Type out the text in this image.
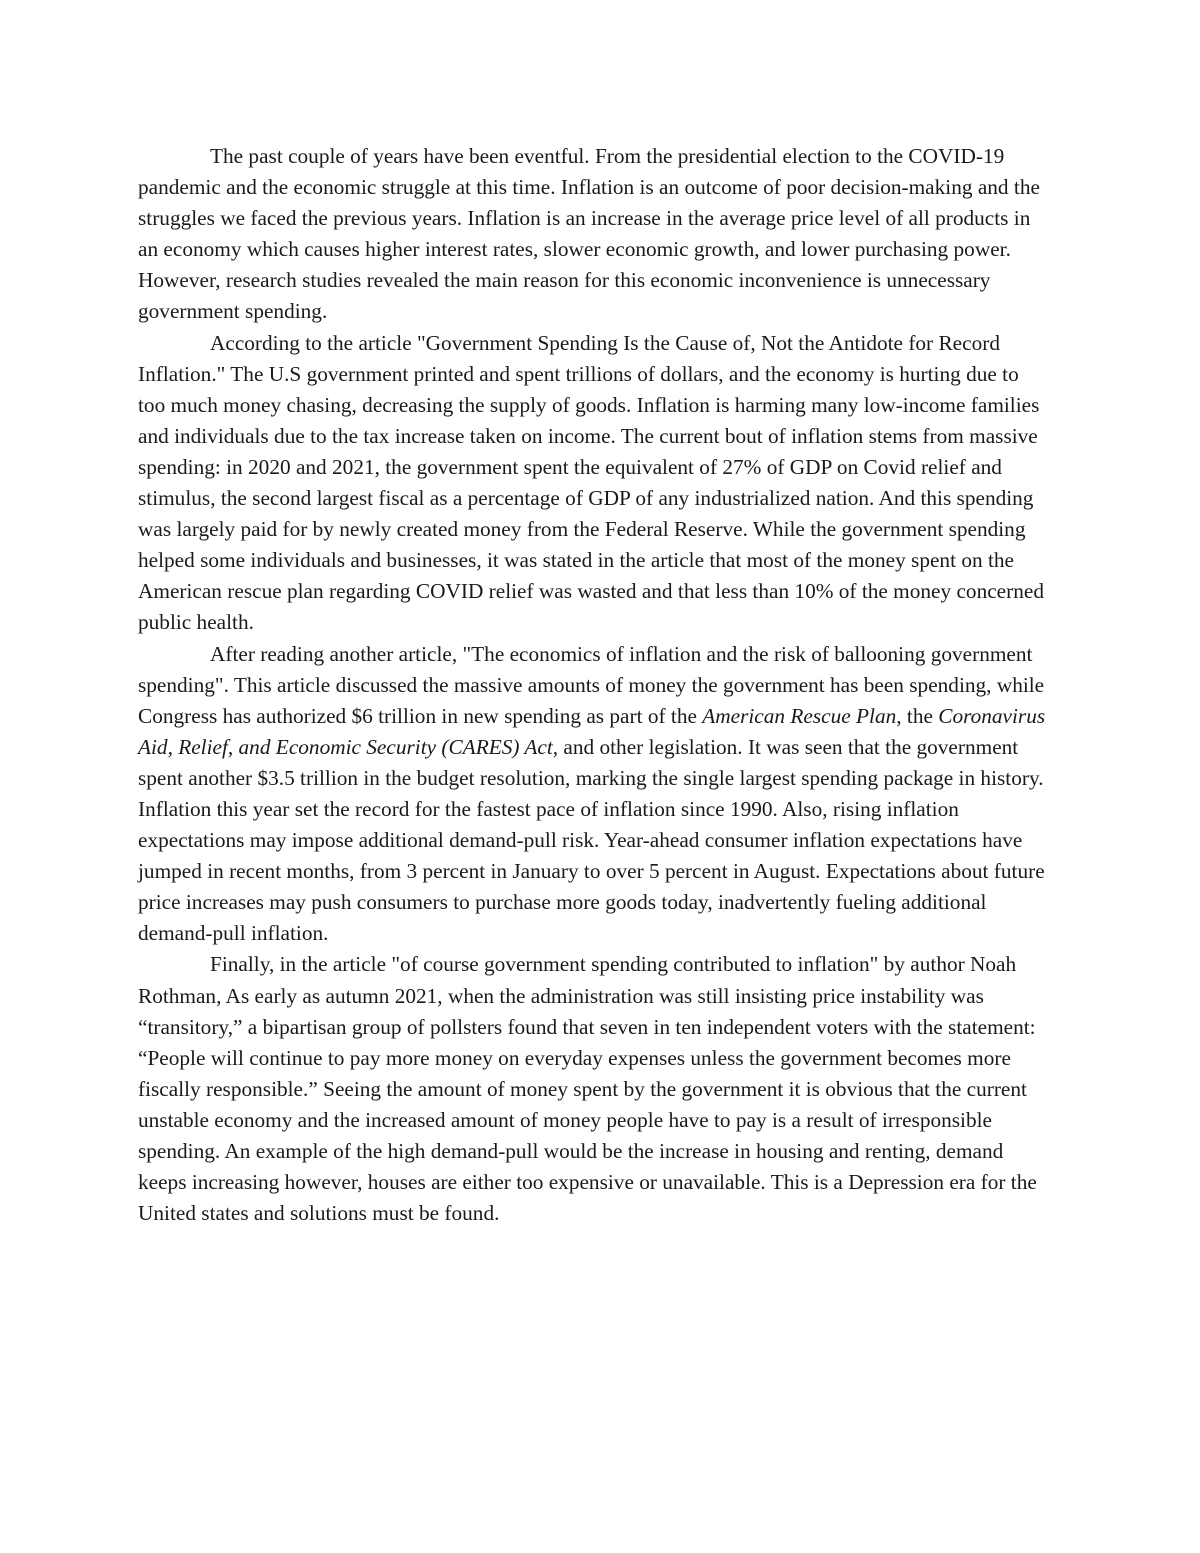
The past couple of years have been eventful. From the presidential election to the COVID-19 pandemic and the economic struggle at this time. Inflation is an outcome of poor decision-making and the struggles we faced the previous years. Inflation is an increase in the average price level of all products in an economy which causes higher interest rates, slower economic growth, and lower purchasing power. However, research studies revealed the main reason for this economic inconvenience is unnecessary government spending.

According to the article "Government Spending Is the Cause of, Not the Antidote for Record Inflation." The U.S government printed and spent trillions of dollars, and the economy is hurting due to too much money chasing, decreasing the supply of goods. Inflation is harming many low-income families and individuals due to the tax increase taken on income. The current bout of inflation stems from massive spending: in 2020 and 2021, the government spent the equivalent of 27% of GDP on Covid relief and stimulus, the second largest fiscal as a percentage of GDP of any industrialized nation. And this spending was largely paid for by newly created money from the Federal Reserve. While the government spending helped some individuals and businesses, it was stated in the article that most of the money spent on the American rescue plan regarding COVID relief was wasted and that less than 10% of the money concerned public health.

After reading another article, "The economics of inflation and the risk of ballooning government spending". This article discussed the massive amounts of money the government has been spending, while Congress has authorized $6 trillion in new spending as part of the American Rescue Plan, the Coronavirus Aid, Relief, and Economic Security (CARES) Act, and other legislation. It was seen that the government spent another $3.5 trillion in the budget resolution, marking the single largest spending package in history. Inflation this year set the record for the fastest pace of inflation since 1990. Also, rising inflation expectations may impose additional demand-pull risk. Year-ahead consumer inflation expectations have jumped in recent months, from 3 percent in January to over 5 percent in August. Expectations about future price increases may push consumers to purchase more goods today, inadvertently fueling additional demand-pull inflation.

Finally, in the article "of course government spending contributed to inflation" by author Noah Rothman, As early as autumn 2021, when the administration was still insisting price instability was “transitory,” a bipartisan group of pollsters found that seven in ten independent voters with the statement: “People will continue to pay more money on everyday expenses unless the government becomes more fiscally responsible.” Seeing the amount of money spent by the government it is obvious that the current unstable economy and the increased amount of money people have to pay is a result of irresponsible spending. An example of the high demand-pull would be the increase in housing and renting, demand keeps increasing however, houses are either too expensive or unavailable. This is a Depression era for the United states and solutions must be found.
